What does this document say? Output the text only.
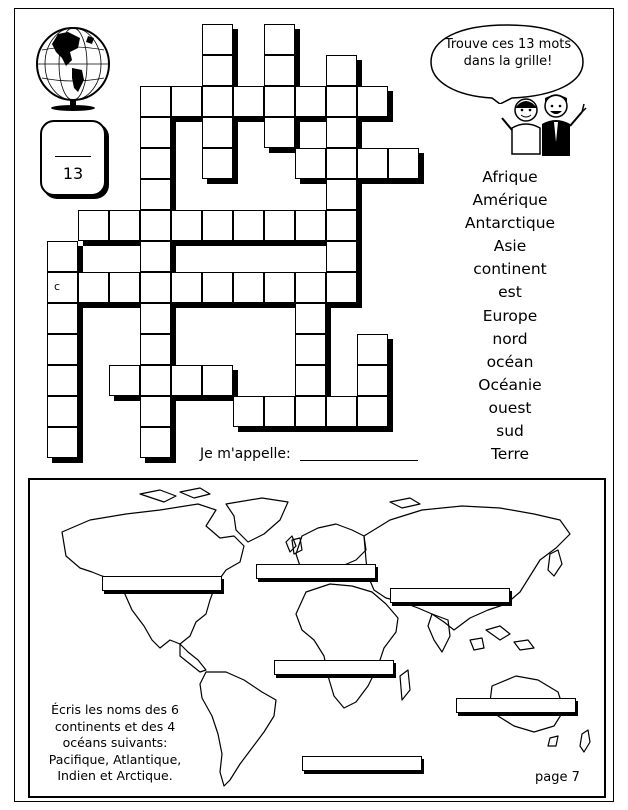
13
Trouve ces 13 mots dans la grille!
Afrique
Amérique
Antarctique
Asie
continent
est
Europe
nord
océan
Océanie
ouest
sud
Terre
c
Je m'appelle:
Écris les noms des 6 continents et des 4 océans suivants: Pacifique, Atlantique, Indien et Arctique.	page 7
